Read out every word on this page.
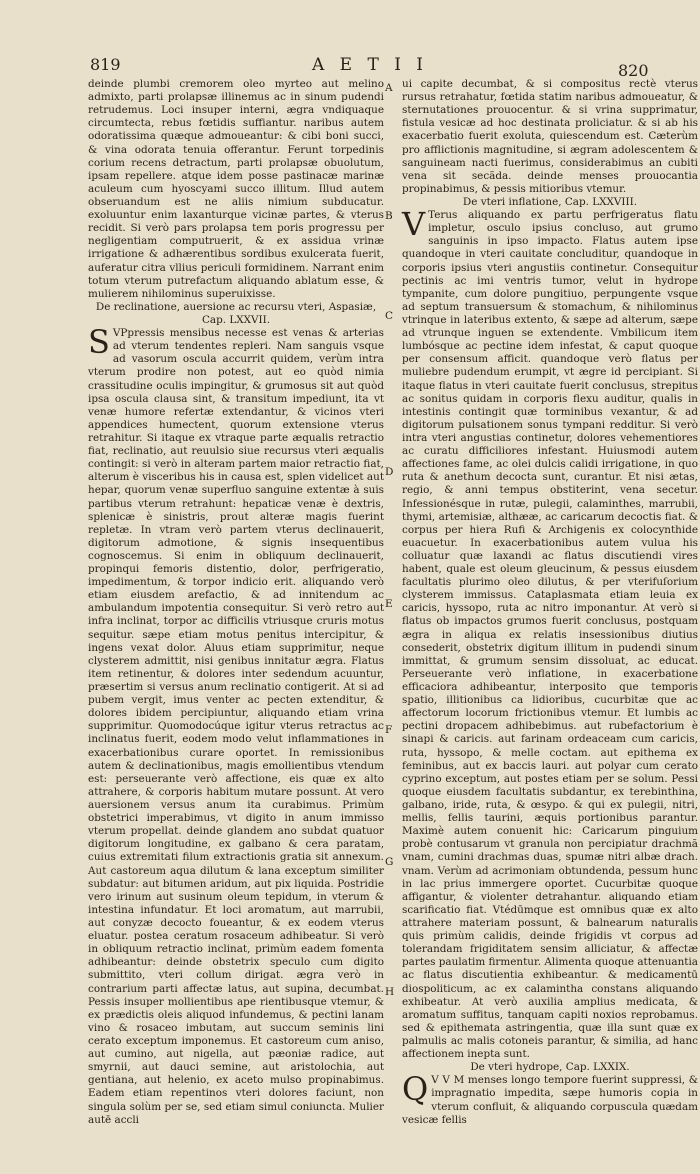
819	A E T I I	820

deinde plumbi cremorem oleo myrteo aut melino admixto, parti prolapsæ illinemus ac in sinum pudendi retrudemus. Loci insuper interni, ægra vndiquaque circumtecta, rebus fœtidis suffiantur. naribus autem odoratissima quæque admoueantur: & cibi boni succi, & vina odorata tenuia offerantur. Ferunt torpedinis corium recens detractum, parti prolapsæ obuolutum, ipsam repellere. atque idem posse pastinacæ marinæ aculeum cum hyoscyami succo illitum. Illud autem obseruandum est ne aliis nimium subducatur. exoluuntur enim laxanturque vicinæ partes, & vterus recidit. Si verò pars prolapsa tem poris progressu per negligentiam computruerit, & ex assidua vrinæ irrigatione & adhærentibus sordibus exulcerata fuerit, auferatur citra vllius periculi formidinem. Narrant enim totum vterum putrefactum aliquando ablatum esse, & mulierem nihilominus superuixisse.

De reclinatione, auersione ac recursu vteri, Aspasiæ, Cap. LXXVII.

S VPpressis mensibus necesse est venas & arterias ad vterum tendentes repleri. Nam sanguis vsque ad vasorum osculа accurrit quidem, verùm intra vterum prodire non potest, aut eo quòd nimia crassitudine oculis impingitur, & grumosus sit aut quòd ipsa oscula clausa sint, & transitum impediunt, ita vt venæ humore refertæ extendantur, & vicinos vteri appendices humectent, quorum extensione vterus retrahitur. Si itaque ex vtraque parte æqualis retractio fiat, reclinatio, aut reuulsio siue recursus vteri æqualis contingit: si verò in alteram partem maior retractio fiat, alterum è visceribus his in causa est, splen videlicet aut hepar, quorum venæ superfluo sanguine extentæ à suis partibus vterum retrahunt: hepaticæ venæ è dextris, splenicæ è sinistris, prout alteræ magis fuerint repletæ. In vtram verò partem vterus declinauerit, digitorum admotione, & signis insequentibus cognoscemus. Si enim in obliquum declinauerit, propinqui femoris distentio, dolor, perfrigeratio, impedimentum, & torpor indicio erit. aliquando verò etiam eiusdem arefactio, & ad innitendum ac ambulandum impotentia consequitur. Si verò retro aut infra inclinat, torpor ac difficilis vtriusque cruris motus sequitur. sæpe etiam motus penitus intercipitur, & ingens vexat dolor. Aluus etiam supprimitur, neque clysterem admittit, nisi genibus innitatur ægra. Flatus item retinentur, & dolores inter sedendum acuuntur, præsertim si versus anum reclinatio contigerit. At si ad pubem vergit, imus venter ac pecten extenditur, & dolores ibidem percipiuntur, aliquando etiam vrina supprimitur. Quomodocúque igitur vterus retractus ac inclinatus fuerit, eodem modo velut inflammationes in exacerbationibus curare oportet. In remissionibus autem & declinationibus, magis emollientibus vtendum est: perseuerante verò affectione, eis quæ ex alto attrahere, & corporis habitum mutare possunt. At vero auersionem versus anum ita curabimus. Primùm obstetrici imperabimus, vt digito in anum immisso vterum propellat. deinde glandem ano subdat quatuor digitorum longitudine, ex galbano & cera paratam, cuius extremitati filum extractionis gratia sit annexum. Aut castoreum aqua dilutum & lana exceptum similiter subdatur: aut bitumen aridum, aut pix liquida. Postridie vero irinum aut susinum oleum tepidum, in vterum & intestina infundatur. Et loci aromatum, aut marrubii, aut conyzæ decocto foueantur, & ex eodem vterus eluatur. postea ceratum rosaceum adhibeatur. Si verò in obliquum retractio inclinat, primùm eadem fomenta adhibeantur: deinde obstetrix speculo cum digito submittito, vteri collum dirigat. ægra verò in contrarium parti affectæ latus, aut supina, decumbat. Pessis insuper mollientibus ape rientibusque vtemur, & ex prædictis oleis aliquod infundemus, & pectini lanam vino & rosaceo imbutam, aut succum seminis lini cerato exceptum imponemus. Et castoreum cum aniso, aut cumino, aut nigella, aut pæoniæ radice, aut smyrnii, aut dauci semine, aut aristolochia, aut gentiana, aut helenio, ex aceto mulso propinabimus. Eadem etiam repentinos vteri dolores faciunt, non singula solùm per se, sed etiam simul coniuncta. Mulier autē accli

ui capite decumbat, & si compositus rectè vterus rursus retrahatur, fœtida statim naribus admoueatur, & sternutationes prouocentur. & si vrina supprimatur, fistula vesicæ ad hoc destinata proliciatur. & si ab his exacerbatio fuerit exoluta, quiescendum est. Cæterùm pro afflictionis magnitudine, si ægram adolescentem & sanguineam nacti fuerimus, considerabimus an cubiti vena sit secãda. deinde menses prouocantia propinabimus, & pessis mitioribus vtemur.

De vteri inflatione, Cap. LXXVIII.

V Terus aliquando ex partu perfrigeratus flatu impletur, osculo ipsius concluso, aut grumo sanguinis in ipso impacto. Flatus autem ipse quandoque in vteri cauitate concluditur, quandoque in corporis ipsius vteri angustiis continetur. Consequitur pectinis ac imi ventris tumor, velut in hydrope tympanite, cum dolore pungitiuo, perpungente vsque ad septum transuersum & stomachum, & nihilominus vtrinque in lateribus extento, & sæpe ad alterum, sæpe ad vtrunque inguen se extendente. Vmbilicum item lumbósque ac pectine idem infestat, & caput quoque per consensum afficit. quandoque verò flatus per muliebre pudendum erumpit, vt ægre id percipiant. Si itaque flatus in vteri cauitate fuerit conclusus, strepitus ac sonitus quidam in corporis flexu auditur, qualis in intestinis contingit quæ torminibus vexantur, & ad digitorum pulsationem sonus tympani redditur. Si verò intra vteri angustias continetur, dolores vehementiores ac curatu difficiliores infestant. Huiusmodi autem affectiones fame, ac olei dulcis calidi irrigatione, in quo ruta & anethum decocta sunt, curantur. Et nisi ætas, regio, & anni tempus obstiterint, vena secetur. Infessionésque in rutæ, pulegii, calaminthes, marrubii, thymi, artemisiæ, althææ, ac caricarum decoctis fiat. & corpus per hiera Rufi & Archigenis ex colocynthide euacuetur. In exacerbationibus autem vulua his colluatur quæ laxandi ac flatus discutiendi vires habent, quale est oleum gleucinum, & pessus eiusdem facultatis plurimo oleo dilutus, & per vterifuſorium clysterem immissus. Cataplasmata etiam leuia ex caricis, hyssopo, ruta ac nitro imponantur. At verò si flatus ob impactos grumos fuerit conclusus, postquam ægra in aliqua ex relatis insessionibus diutius consederit, obstetrix digitum illitum in pudendi sinum immittat, & grumum sensim dissoluat, ac educat. Perseuerante verò inflatione, in exacerbatione efficaciora adhibeantur, interposito que temporis spatio, illitionibus ca lidioribus, cucurbitæ que ac affectorum locorum frictionibus vtemur. Et lumbis ac pectini dropacem adhibebimus. aut rubefactorium è sinapi & caricis. aut farinam ordeaceam cum caricis, ruta, hyssopo, & melle coctam. aut epithema ex feminibus, aut ex baccis lauri. aut polyar cum cerato cyprino exceptum, aut postes etiam per se solum. Pessi quoque eiusdem facultatis subdantur, ex terebinthina, galbano, iride, ruta, & œsypo. & qui ex pulegii, nitri, mellis, fellis taurini, æquis portionibus parantur. Maximè autem conuenit hic: Caricarum pinguium probè contusarum vt granula non percipiatur drachmã vnam, cumini drachmas duas, spumæ nitri albæ drach. vnam. Verùm ad acrimoniam obtundenda, pessum hunc in lac prius immergere oportet. Cucurbitæ quoque affigantur, & violenter detrahantur. aliquando etiam scarificatio fiat. Vtédūmque est omnibus quæ ex alto attrahere materiam possunt, & balnearum naturalis quis primùm calidis, deinde frigidis vt corpus ad tolerandam frigiditatem sensim alliciatur, & affectæ partes paulatim firmentur. Alimenta quoque attenuantia ac flatus discutientia exhibeantur. & medicamentū diospoliticum, ac ex calamintha constans aliquando exhibeatur. At verò auxilia amplius medicata, & aromatum suffitus, tanquam capiti noxios reprobamus. sed & epithemata astringentia, quæ illa sunt quæ ex palmulis ac malis cotoneis parantur, & similia, ad hanc affectionem inepta sunt.

De vteri hydrope, Cap. LXXIX.

Q V V M menses longo tempore fuerint suppressi, & impragnatio impedita, sæpe humoris copia in vterum confluit, & aliquando corpuscula quædam vesicæ fellis

A
B
C
D
E
F
G
H
